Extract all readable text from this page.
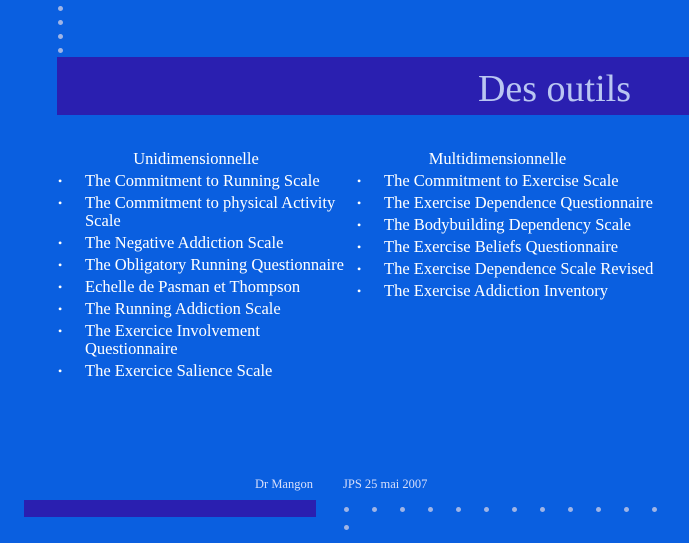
Des outils
Unidimensionnelle
• The Commitment to Running Scale
• The Commitment to physical Activity Scale
• The Negative Addiction Scale
• The Obligatory Running Questionnaire
• Echelle de Pasman et Thompson
• The Running Addiction Scale
• The Exercice Involvement Questionnaire
• The Exercice Salience Scale
Multidimensionnelle
• The Commitment to Exercise Scale
• The Exercise Dependence Questionnaire
• The Bodybuilding Dependency Scale
• The Exercise Beliefs Questionnaire
• The Exercise Dependence Scale Revised
• The Exercise Addiction Inventory
Dr Mangon JPS 25 mai 2007
